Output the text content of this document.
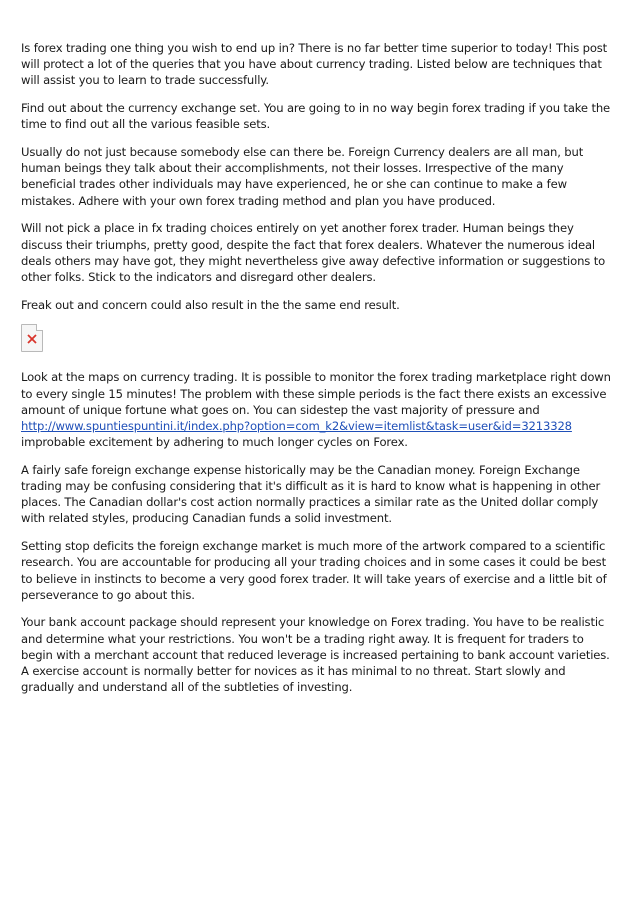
Is forex trading one thing you wish to end up in? There is no far better time superior to today! This post will protect a lot of the queries that you have about currency trading. Listed below are techniques that will assist you to learn to trade successfully.

Find out about the currency exchange set. You are going to in no way begin forex trading if you take the time to find out all the various feasible sets.

Usually do not just because somebody else can there be. Foreign Currency dealers are all man, but human beings they talk about their accomplishments, not their losses. Irrespective of the many beneficial trades other individuals may have experienced, he or she can continue to make a few mistakes. Adhere with your own forex trading method and plan you have produced.

Will not pick a place in fx trading choices entirely on yet another forex trader. Human beings they discuss their triumphs, pretty good, despite the fact that forex dealers. Whatever the numerous ideal deals others may have got, they might nevertheless give away defective information or suggestions to other folks. Stick to the indicators and disregard other dealers.

Freak out and concern could also result in the the same end result.

Look at the maps on currency trading. It is possible to monitor the forex trading marketplace right down to every single 15 minutes! The problem with these simple periods is the fact there exists an excessive amount of unique fortune what goes on. You can sidestep the vast majority of pressure and http://www.spuntiespuntini.it/index.php?option=com_k2&view=itemlist&task=user&id=3213328 improbable excitement by adhering to much longer cycles on Forex.

A fairly safe foreign exchange expense historically may be the Canadian money. Foreign Exchange trading may be confusing considering that it's difficult as it is hard to know what is happening in other places. The Canadian dollar's cost action normally practices a similar rate as the United dollar comply with related styles, producing Canadian funds a solid investment.

Setting stop deficits the foreign exchange market is much more of the artwork compared to a scientific research. You are accountable for producing all your trading choices and in some cases it could be best to believe in instincts to become a very good forex trader. It will take years of exercise and a little bit of perseverance to go about this.

Your bank account package should represent your knowledge on Forex trading. You have to be realistic and determine what your restrictions. You won't be a trading right away. It is frequent for traders to begin with a merchant account that reduced leverage is increased pertaining to bank account varieties. A exercise account is normally better for novices as it has minimal to no threat. Start slowly and gradually and understand all of the subtleties of investing.
